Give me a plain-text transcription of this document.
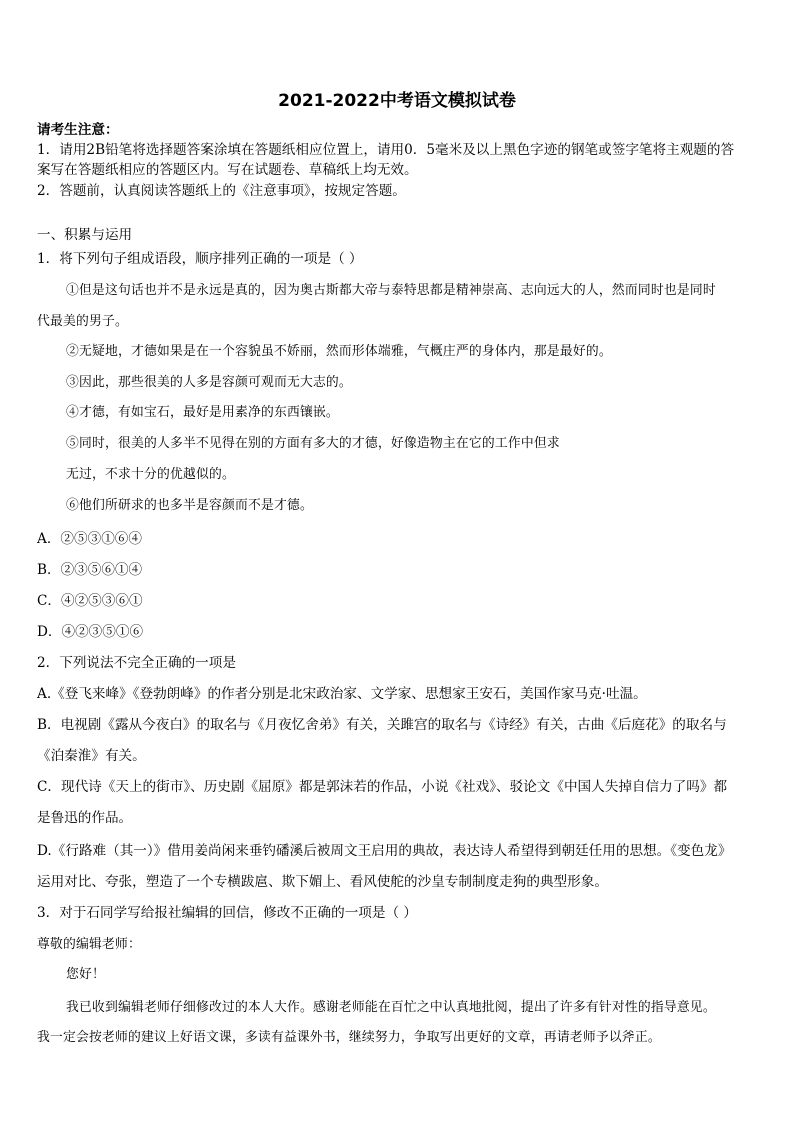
2021-2022中考语文模拟试卷
请考生注意：
1．请用2B铅笔将选择题答案涂填在答题纸相应位置上，请用0．5毫米及以上黑色字迹的钢笔或签字笔将主观题的答
案写在答题纸相应的答题区内。写在试题卷、草稿纸上均无效。
2．答题前，认真阅读答题纸上的《注意事项》，按规定答题。
一、积累与运用
1．将下列句子组成语段，顺序排列正确的一项是（ ）
①但是这句话也并不是永远是真的，因为奥古斯都大帝与泰特思都是精神崇高、志向远大的人，然而同时也是同时
代最美的男子。
②无疑地，才德如果是在一个容貌虽不娇丽，然而形体端雅，气概庄严的身体内，那是最好的。
③因此，那些很美的人多是容颜可观而无大志的。
④才德，有如宝石，最好是用素净的东西镶嵌。
⑤同时，很美的人多半不见得在别的方面有多大的才德，好像造物主在它的工作中但求
无过，不求十分的优越似的。
⑥他们所研求的也多半是容颜而不是才德。
A．②⑤③①⑥④
B．②③⑤⑥①④
C．④②⑤③⑥①
D．④②③⑤①⑥
2．下列说法不完全正确的一项是
A.《登飞来峰》《登勃朗峰》的作者分别是北宋政治家、文学家、思想家王安石，美国作家马克·吐温。
B．电视剧《露从今夜白》的取名与《月夜忆舍弟》有关，关雎宫的取名与《诗经》有关，古曲《后庭花》的取名与
《泊秦淮》有关。
C．现代诗《天上的街市》、历史剧《屈原》都是郭沫若的作品，小说《社戏》、驳论文《中国人失掉自信力了吗》都
是鲁迅的作品。
D.《行路难（其一）》借用姜尚闲来垂钓磻溪后被周文王启用的典故，表达诗人希望得到朝廷任用的思想。《变色龙》
运用对比、夸张，塑造了一个专横跋扈、欺下媚上、看风使舵的沙皇专制制度走狗的典型形象。
3．对于石同学写给报社编辑的回信，修改不正确的一项是（ ）
尊敬的编辑老师：
您好！
我已收到编辑老师仔细修改过的本人大作。感谢老师能在百忙之中认真地批阅，提出了许多有针对性的指导意见。
我一定会按老师的建议上好语文课，多读有益课外书，继续努力，争取写出更好的文章，再请老师予以斧正。
